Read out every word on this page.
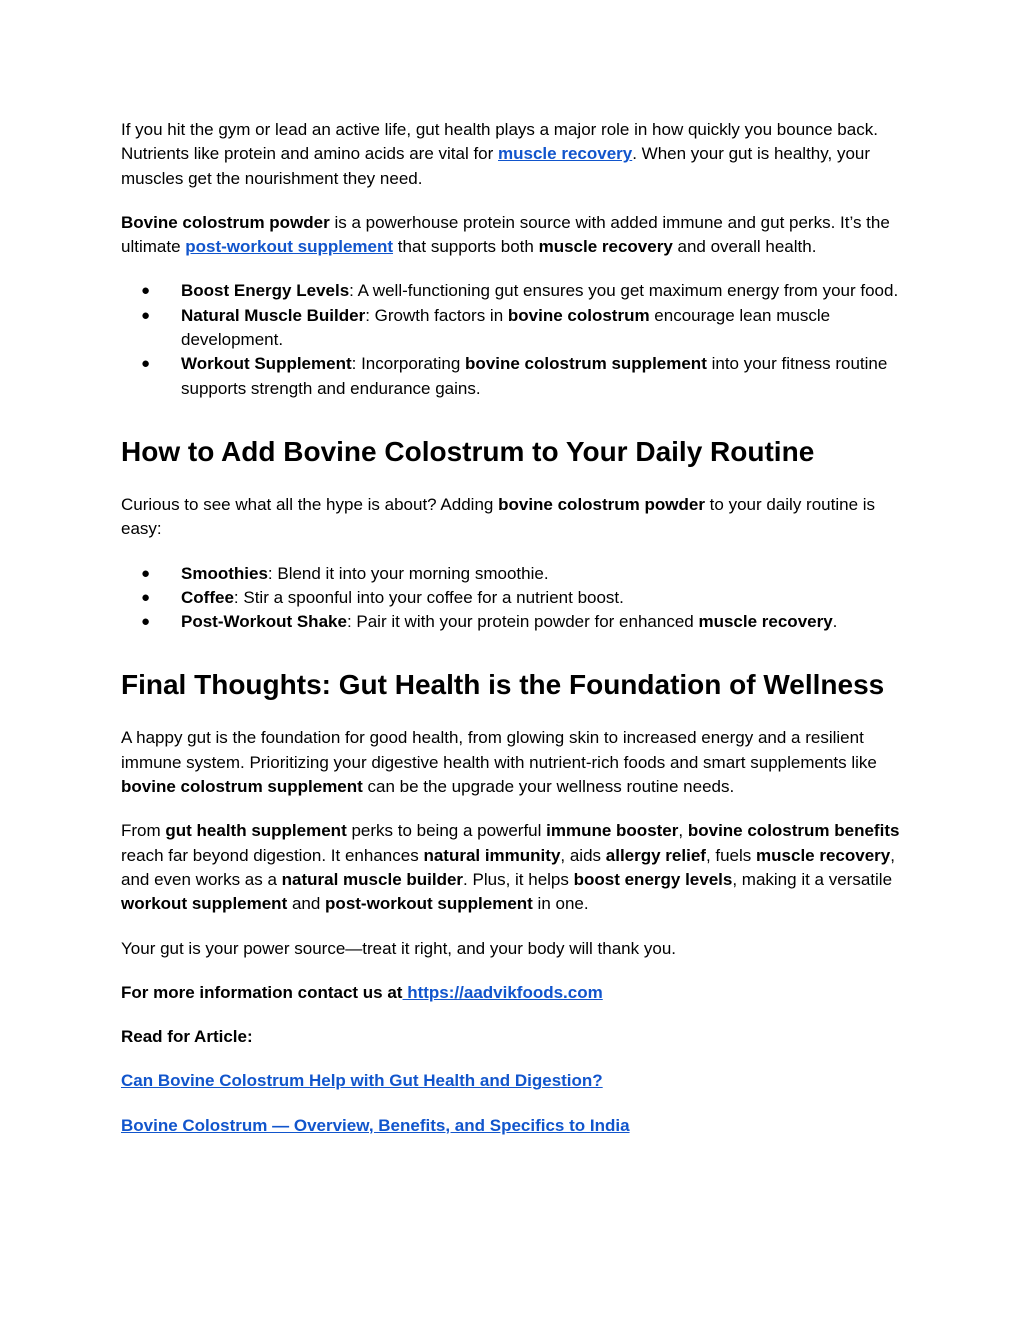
If you hit the gym or lead an active life, gut health plays a major role in how quickly you bounce back. Nutrients like protein and amino acids are vital for muscle recovery. When your gut is healthy, your muscles get the nourishment they need.

Bovine colostrum powder is a powerhouse protein source with added immune and gut perks. It’s the ultimate post-workout supplement that supports both muscle recovery and overall health.

● Boost Energy Levels: A well-functioning gut ensures you get maximum energy from your food.
● Natural Muscle Builder: Growth factors in bovine colostrum encourage lean muscle development.
● Workout Supplement: Incorporating bovine colostrum supplement into your fitness routine supports strength and endurance gains.
How to Add Bovine Colostrum to Your Daily Routine

Curious to see what all the hype is about? Adding bovine colostrum powder to your daily routine is easy:

● Smoothies: Blend it into your morning smoothie.
● Coffee: Stir a spoonful into your coffee for a nutrient boost.
● Post-Workout Shake: Pair it with your protein powder for enhanced muscle recovery.
Final Thoughts: Gut Health is the Foundation of Wellness

A happy gut is the foundation for good health, from glowing skin to increased energy and a resilient immune system. Prioritizing your digestive health with nutrient-rich foods and smart supplements like bovine colostrum supplement can be the upgrade your wellness routine needs.

From gut health supplement perks to being a powerful immune booster, bovine colostrum benefits reach far beyond digestion. It enhances natural immunity, aids allergy relief, fuels muscle recovery, and even works as a natural muscle builder. Plus, it helps boost energy levels, making it a versatile workout supplement and post-workout supplement in one.

Your gut is your power source—treat it right, and your body will thank you.

For more information contact us at https://aadvikfoods.com

Read for Article:

Can Bovine Colostrum Help with Gut Health and Digestion?

Bovine Colostrum — Overview, Benefits, and Specifics to India
